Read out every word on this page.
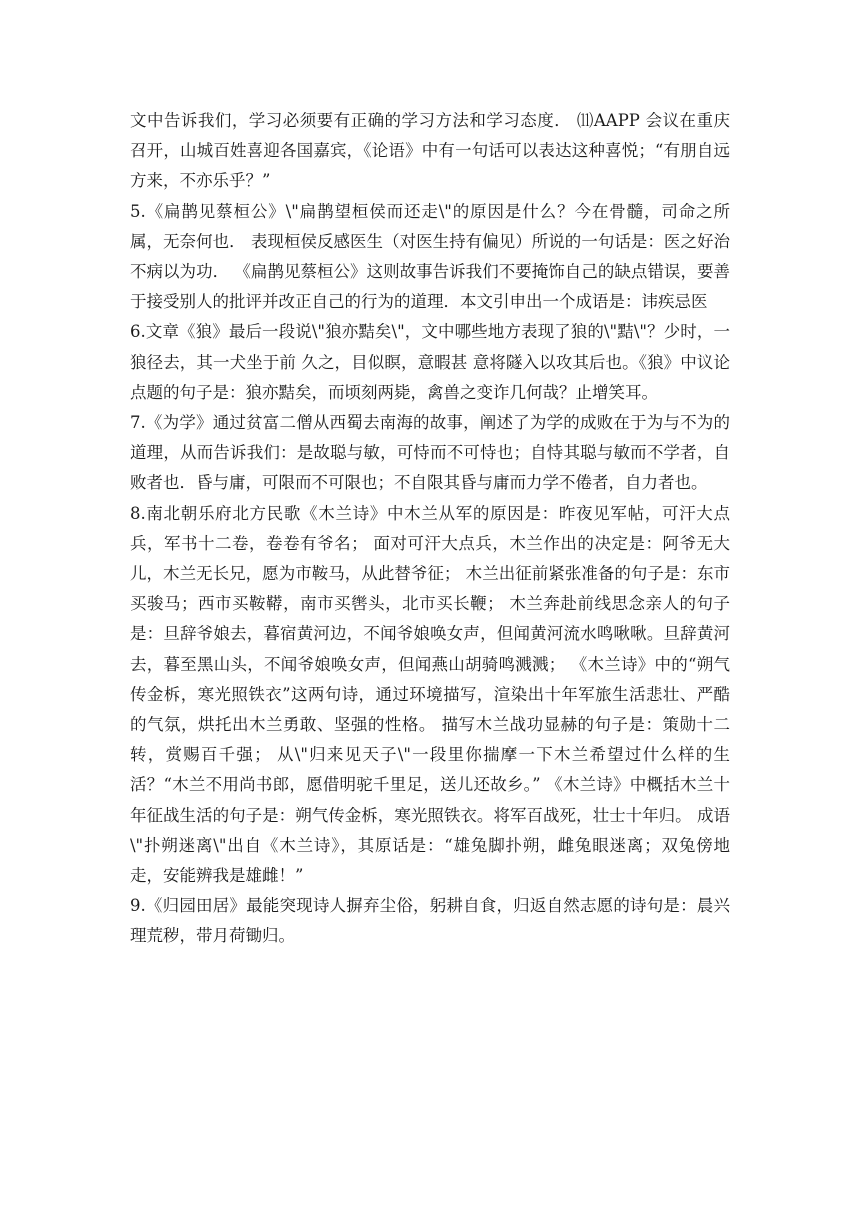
文中告诉我们，学习必须要有正确的学习方法和学习态度． ⑾AAPP 会议在重庆召开，山城百姓喜迎各国嘉宾，《论语》中有一句话可以表达这种喜悦；“有朋自远方来，不亦乐乎？”

5.《扁鹊见蔡桓公》\"扁鹊望桓侯而还走\"的原因是什么？今在骨髓，司命之所属，无奈何也． 表现桓侯反感医生（对医生持有偏见）所说的一句话是：医之好治不病以为功． 《扁鹊见蔡桓公》这则故事告诉我们不要掩饰自己的缺点错误，要善于接受别人的批评并改正自己的行为的道理．本文引申出一个成语是：讳疾忌医

6.文章《狼》最后一段说\"狼亦黠矣\"，文中哪些地方表现了狼的\"黠\"？少时，一狼径去，其一犬坐于前 久之，目似瞑，意暇甚 意将隧入以攻其后也。《狼》中议论点题的句子是：狼亦黠矣，而顷刻两毙，禽兽之变诈几何哉？止增笑耳。

7.《为学》通过贫富二僧从西蜀去南海的故事，阐述了为学的成败在于为与不为的道理，从而告诉我们：是故聪与敏，可恃而不可恃也；自恃其聪与敏而不学者，自败者也．昏与庸，可限而不可限也；不自限其昏与庸而力学不倦者，自力者也。

8.南北朝乐府北方民歌《木兰诗》中木兰从军的原因是：昨夜见军帖，可汗大点兵，军书十二卷，卷卷有爷名； 面对可汗大点兵，木兰作出的决定是：阿爷无大儿，木兰无长兄，愿为市鞍马，从此替爷征； 木兰出征前紧张准备的句子是：东市买骏马；西市买鞍鞯，南市买辔头，北市买长鞭； 木兰奔赴前线思念亲人的句子是：旦辞爷娘去，暮宿黄河边，不闻爷娘唤女声，但闻黄河流水鸣啾啾。旦辞黄河去，暮至黑山头，不闻爷娘唤女声，但闻燕山胡骑鸣溅溅； 《木兰诗》中的“朔气传金柝，寒光照铁衣”这两句诗，通过环境描写，渲染出十年军旅生活悲壮、严酷的气氛，烘托出木兰勇敢、坚强的性格。 描写木兰战功显赫的句子是：策勋十二转，赏赐百千强； 从\"归来见天子\"一段里你揣摩一下木兰希望过什么样的生活？“木兰不用尚书郎，愿借明驼千里足，送儿还故乡。” 《木兰诗》中概括木兰十年征战生活的句子是：朔气传金柝，寒光照铁衣。将军百战死，壮士十年归。 成语\"扑朔迷离\"出自《木兰诗》，其原话是：“雄兔脚扑朔，雌兔眼迷离；双兔傍地走，安能辨我是雄雌！”

9.《归园田居》最能突现诗人摒弃尘俗，躬耕自食，归返自然志愿的诗句是：晨兴理荒秽，带月荷锄归。
